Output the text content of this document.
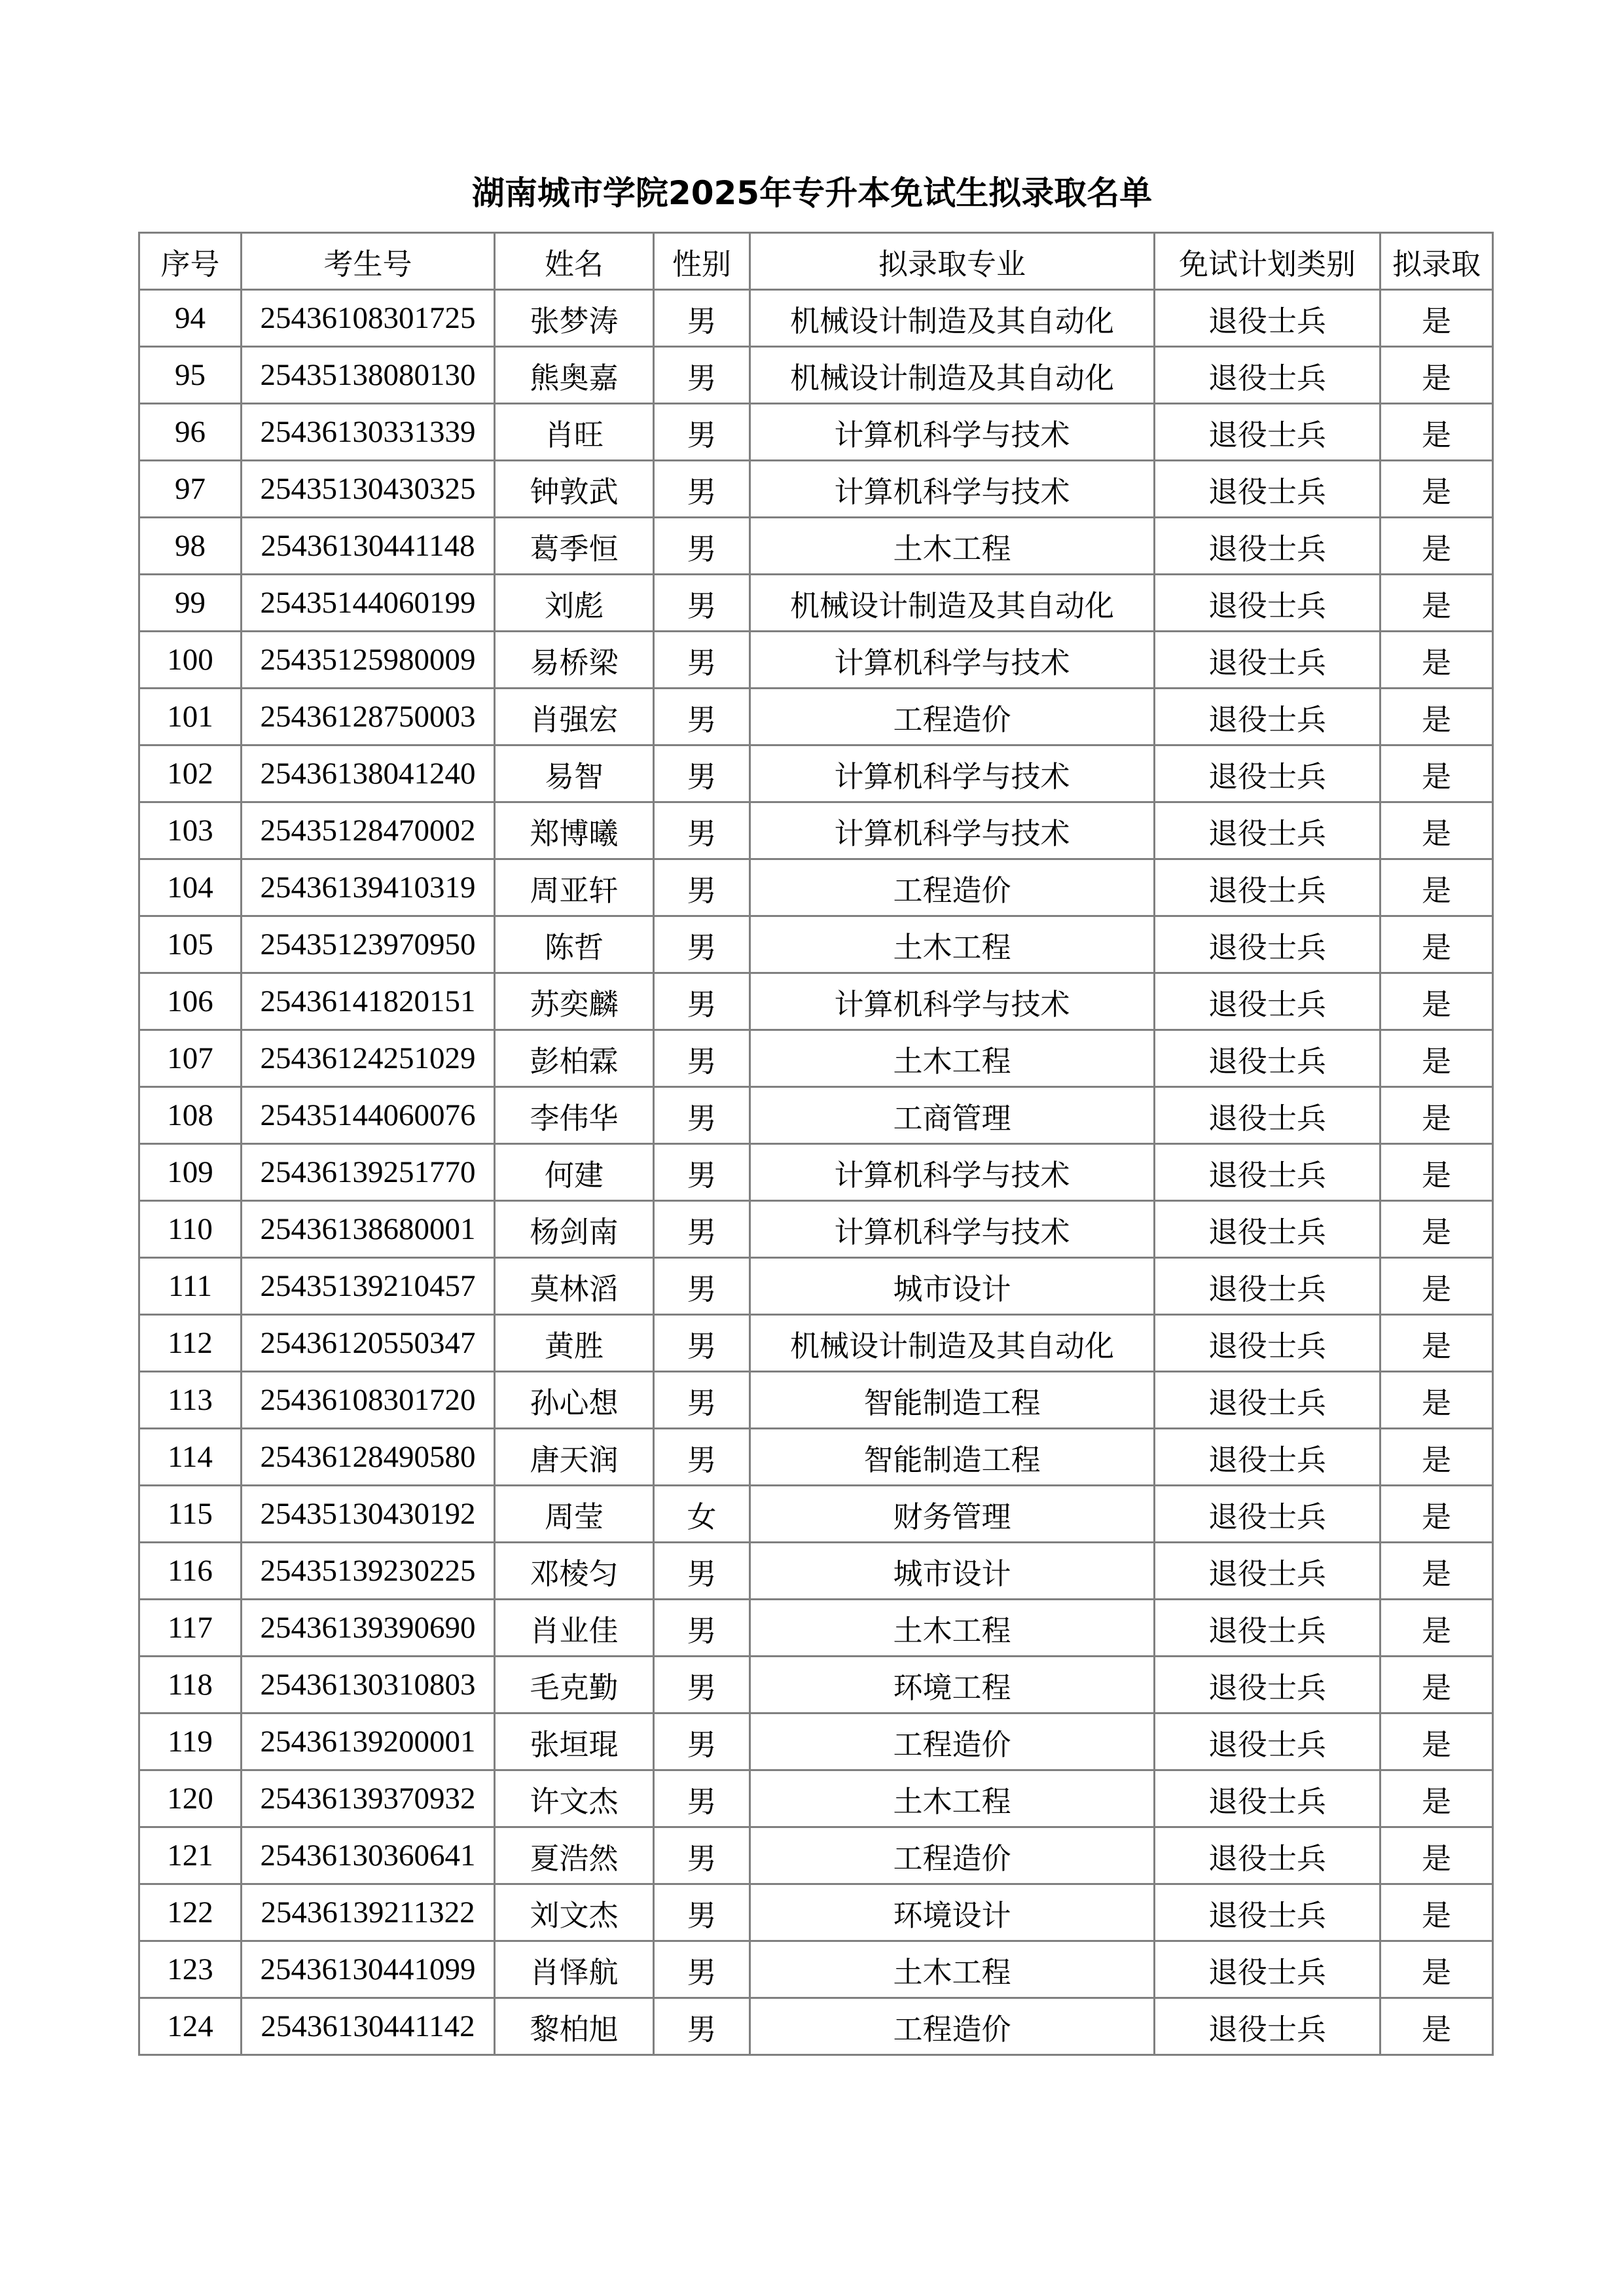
湖南城市学院2025年专升本免试生拟录取名单
序号	考生号	姓名	性别	拟录取专业	免试计划类别	拟录取
94	25436108301725	张梦涛	男	机械设计制造及其自动化	退役士兵	是
95	25435138080130	熊奥嘉	男	机械设计制造及其自动化	退役士兵	是
96	25436130331339	肖旺	男	计算机科学与技术	退役士兵	是
97	25435130430325	钟敦武	男	计算机科学与技术	退役士兵	是
98	25436130441148	葛季恒	男	土木工程	退役士兵	是
99	25435144060199	刘彪	男	机械设计制造及其自动化	退役士兵	是
100	25435125980009	易桥梁	男	计算机科学与技术	退役士兵	是
101	25436128750003	肖强宏	男	工程造价	退役士兵	是
102	25436138041240	易智	男	计算机科学与技术	退役士兵	是
103	25435128470002	郑博曦	男	计算机科学与技术	退役士兵	是
104	25436139410319	周亚轩	男	工程造价	退役士兵	是
105	25435123970950	陈哲	男	土木工程	退役士兵	是
106	25436141820151	苏奕麟	男	计算机科学与技术	退役士兵	是
107	25436124251029	彭柏霖	男	土木工程	退役士兵	是
108	25435144060076	李伟华	男	工商管理	退役士兵	是
109	25436139251770	何建	男	计算机科学与技术	退役士兵	是
110	25436138680001	杨剑南	男	计算机科学与技术	退役士兵	是
111	25435139210457	莫林滔	男	城市设计	退役士兵	是
112	25436120550347	黄胜	男	机械设计制造及其自动化	退役士兵	是
113	25436108301720	孙心想	男	智能制造工程	退役士兵	是
114	25436128490580	唐天润	男	智能制造工程	退役士兵	是
115	25435130430192	周莹	女	财务管理	退役士兵	是
116	25435139230225	邓棱匀	男	城市设计	退役士兵	是
117	25436139390690	肖业佳	男	土木工程	退役士兵	是
118	25436130310803	毛克勤	男	环境工程	退役士兵	是
119	25436139200001	张垣琨	男	工程造价	退役士兵	是
120	25436139370932	许文杰	男	土木工程	退役士兵	是
121	25436130360641	夏浩然	男	工程造价	退役士兵	是
122	25436139211322	刘文杰	男	环境设计	退役士兵	是
123	25436130441099	肖怿航	男	土木工程	退役士兵	是
124	25436130441142	黎柏旭	男	工程造价	退役士兵	是
